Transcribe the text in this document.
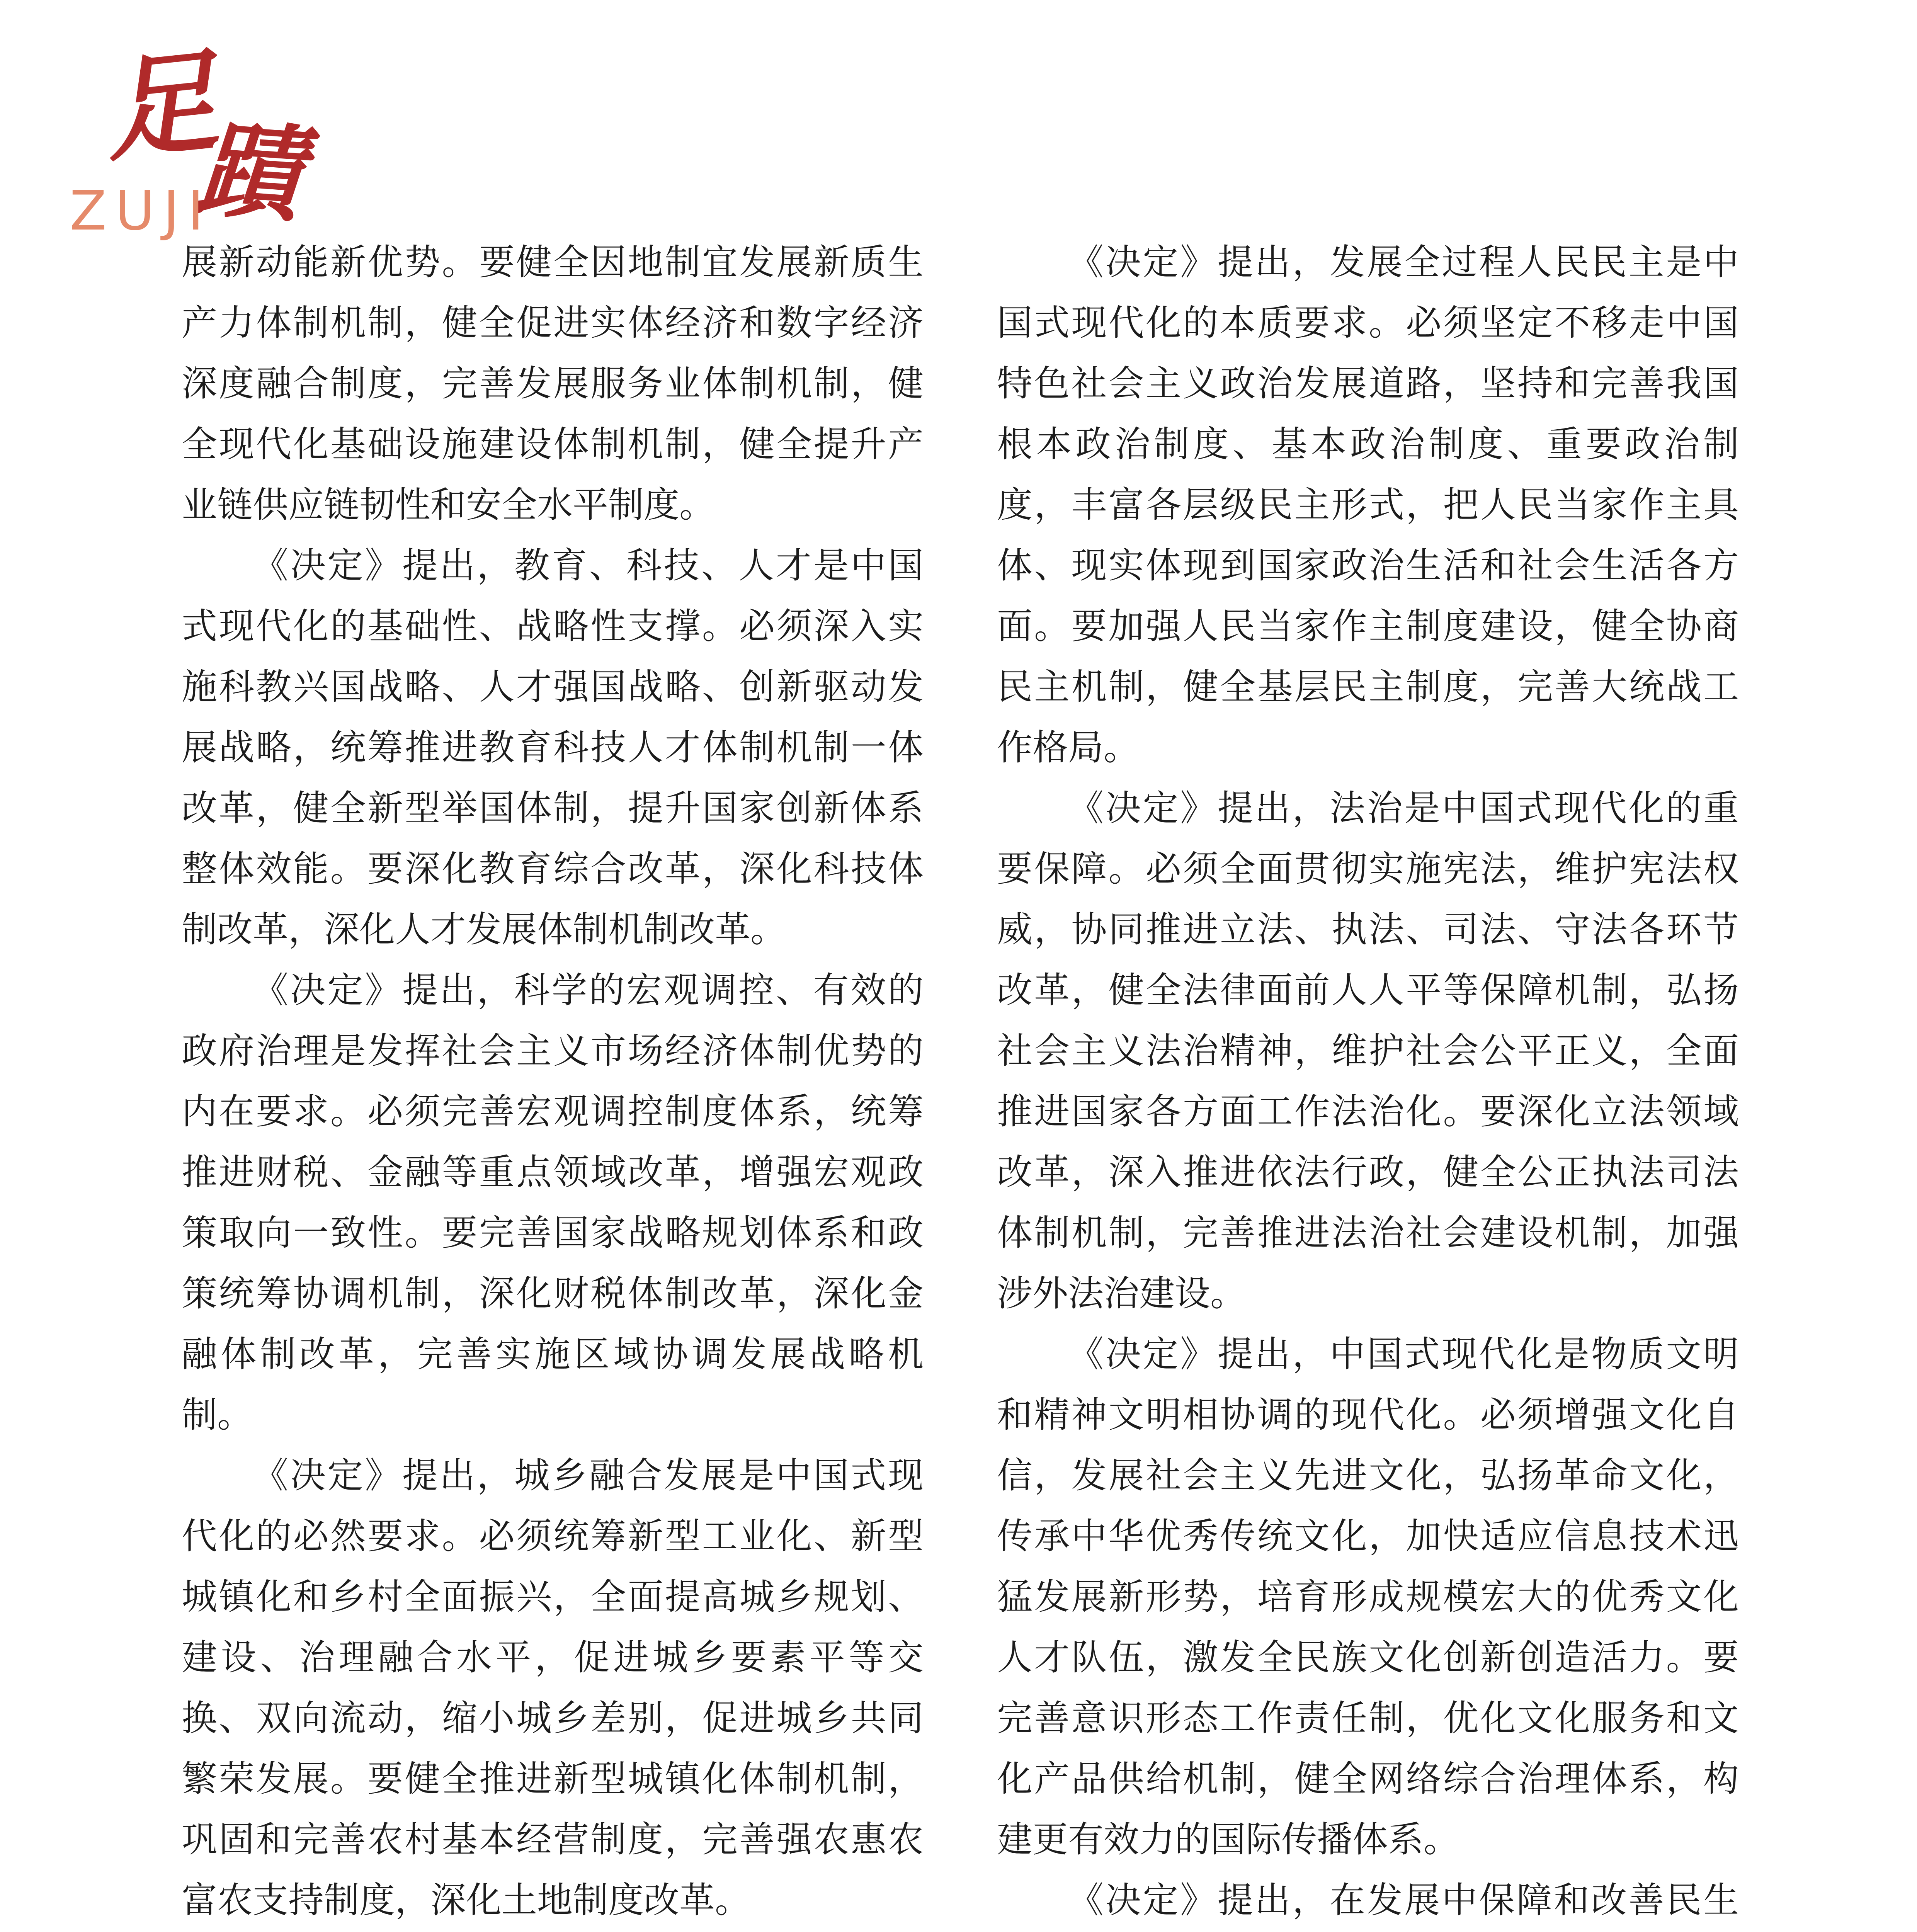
足
蹟
ZUJI

展新动能新优势。要健全因地制宜发展新质生产力体制机制，健全促进实体经济和数字经济深度融合制度，完善发展服务业体制机制，健全现代化基础设施建设体制机制，健全提升产业链供应链韧性和安全水平制度。

《决定》提出，教育、科技、人才是中国式现代化的基础性、战略性支撑。必须深入实施科教兴国战略、人才强国战略、创新驱动发展战略，统筹推进教育科技人才体制机制一体改革，健全新型举国体制，提升国家创新体系整体效能。要深化教育综合改革，深化科技体制改革，深化人才发展体制机制改革。

《决定》提出，科学的宏观调控、有效的政府治理是发挥社会主义市场经济体制优势的内在要求。必须完善宏观调控制度体系，统筹推进财税、金融等重点领域改革，增强宏观政策取向一致性。要完善国家战略规划体系和政策统筹协调机制，深化财税体制改革，深化金融体制改革，完善实施区域协调发展战略机制。

《决定》提出，城乡融合发展是中国式现代化的必然要求。必须统筹新型工业化、新型城镇化和乡村全面振兴，全面提高城乡规划、建设、治理融合水平，促进城乡要素平等交换、双向流动，缩小城乡差别，促进城乡共同繁荣发展。要健全推进新型城镇化体制机制，巩固和完善农村基本经营制度，完善强农惠农富农支持制度，深化土地制度改革。

《决定》提出，发展全过程人民民主是中国式现代化的本质要求。必须坚定不移走中国特色社会主义政治发展道路，坚持和完善我国根本政治制度、基本政治制度、重要政治制度，丰富各层级民主形式，把人民当家作主具体、现实体现到国家政治生活和社会生活各方面。要加强人民当家作主制度建设，健全协商民主机制，健全基层民主制度，完善大统战工作格局。

《决定》提出，法治是中国式现代化的重要保障。必须全面贯彻实施宪法，维护宪法权威，协同推进立法、执法、司法、守法各环节改革，健全法律面前人人平等保障机制，弘扬社会主义法治精神，维护社会公平正义，全面推进国家各方面工作法治化。要深化立法领域改革，深入推进依法行政，健全公正执法司法体制机制，完善推进法治社会建设机制，加强涉外法治建设。

《决定》提出，中国式现代化是物质文明和精神文明相协调的现代化。必须增强文化自信，发展社会主义先进文化，弘扬革命文化，传承中华优秀传统文化，加快适应信息技术迅猛发展新形势，培育形成规模宏大的优秀文化人才队伍，激发全民族文化创新创造活力。要完善意识形态工作责任制，优化文化服务和文化产品供给机制，健全网络综合治理体系，构建更有效力的国际传播体系。

《决定》提出，在发展中保障和改善民生
